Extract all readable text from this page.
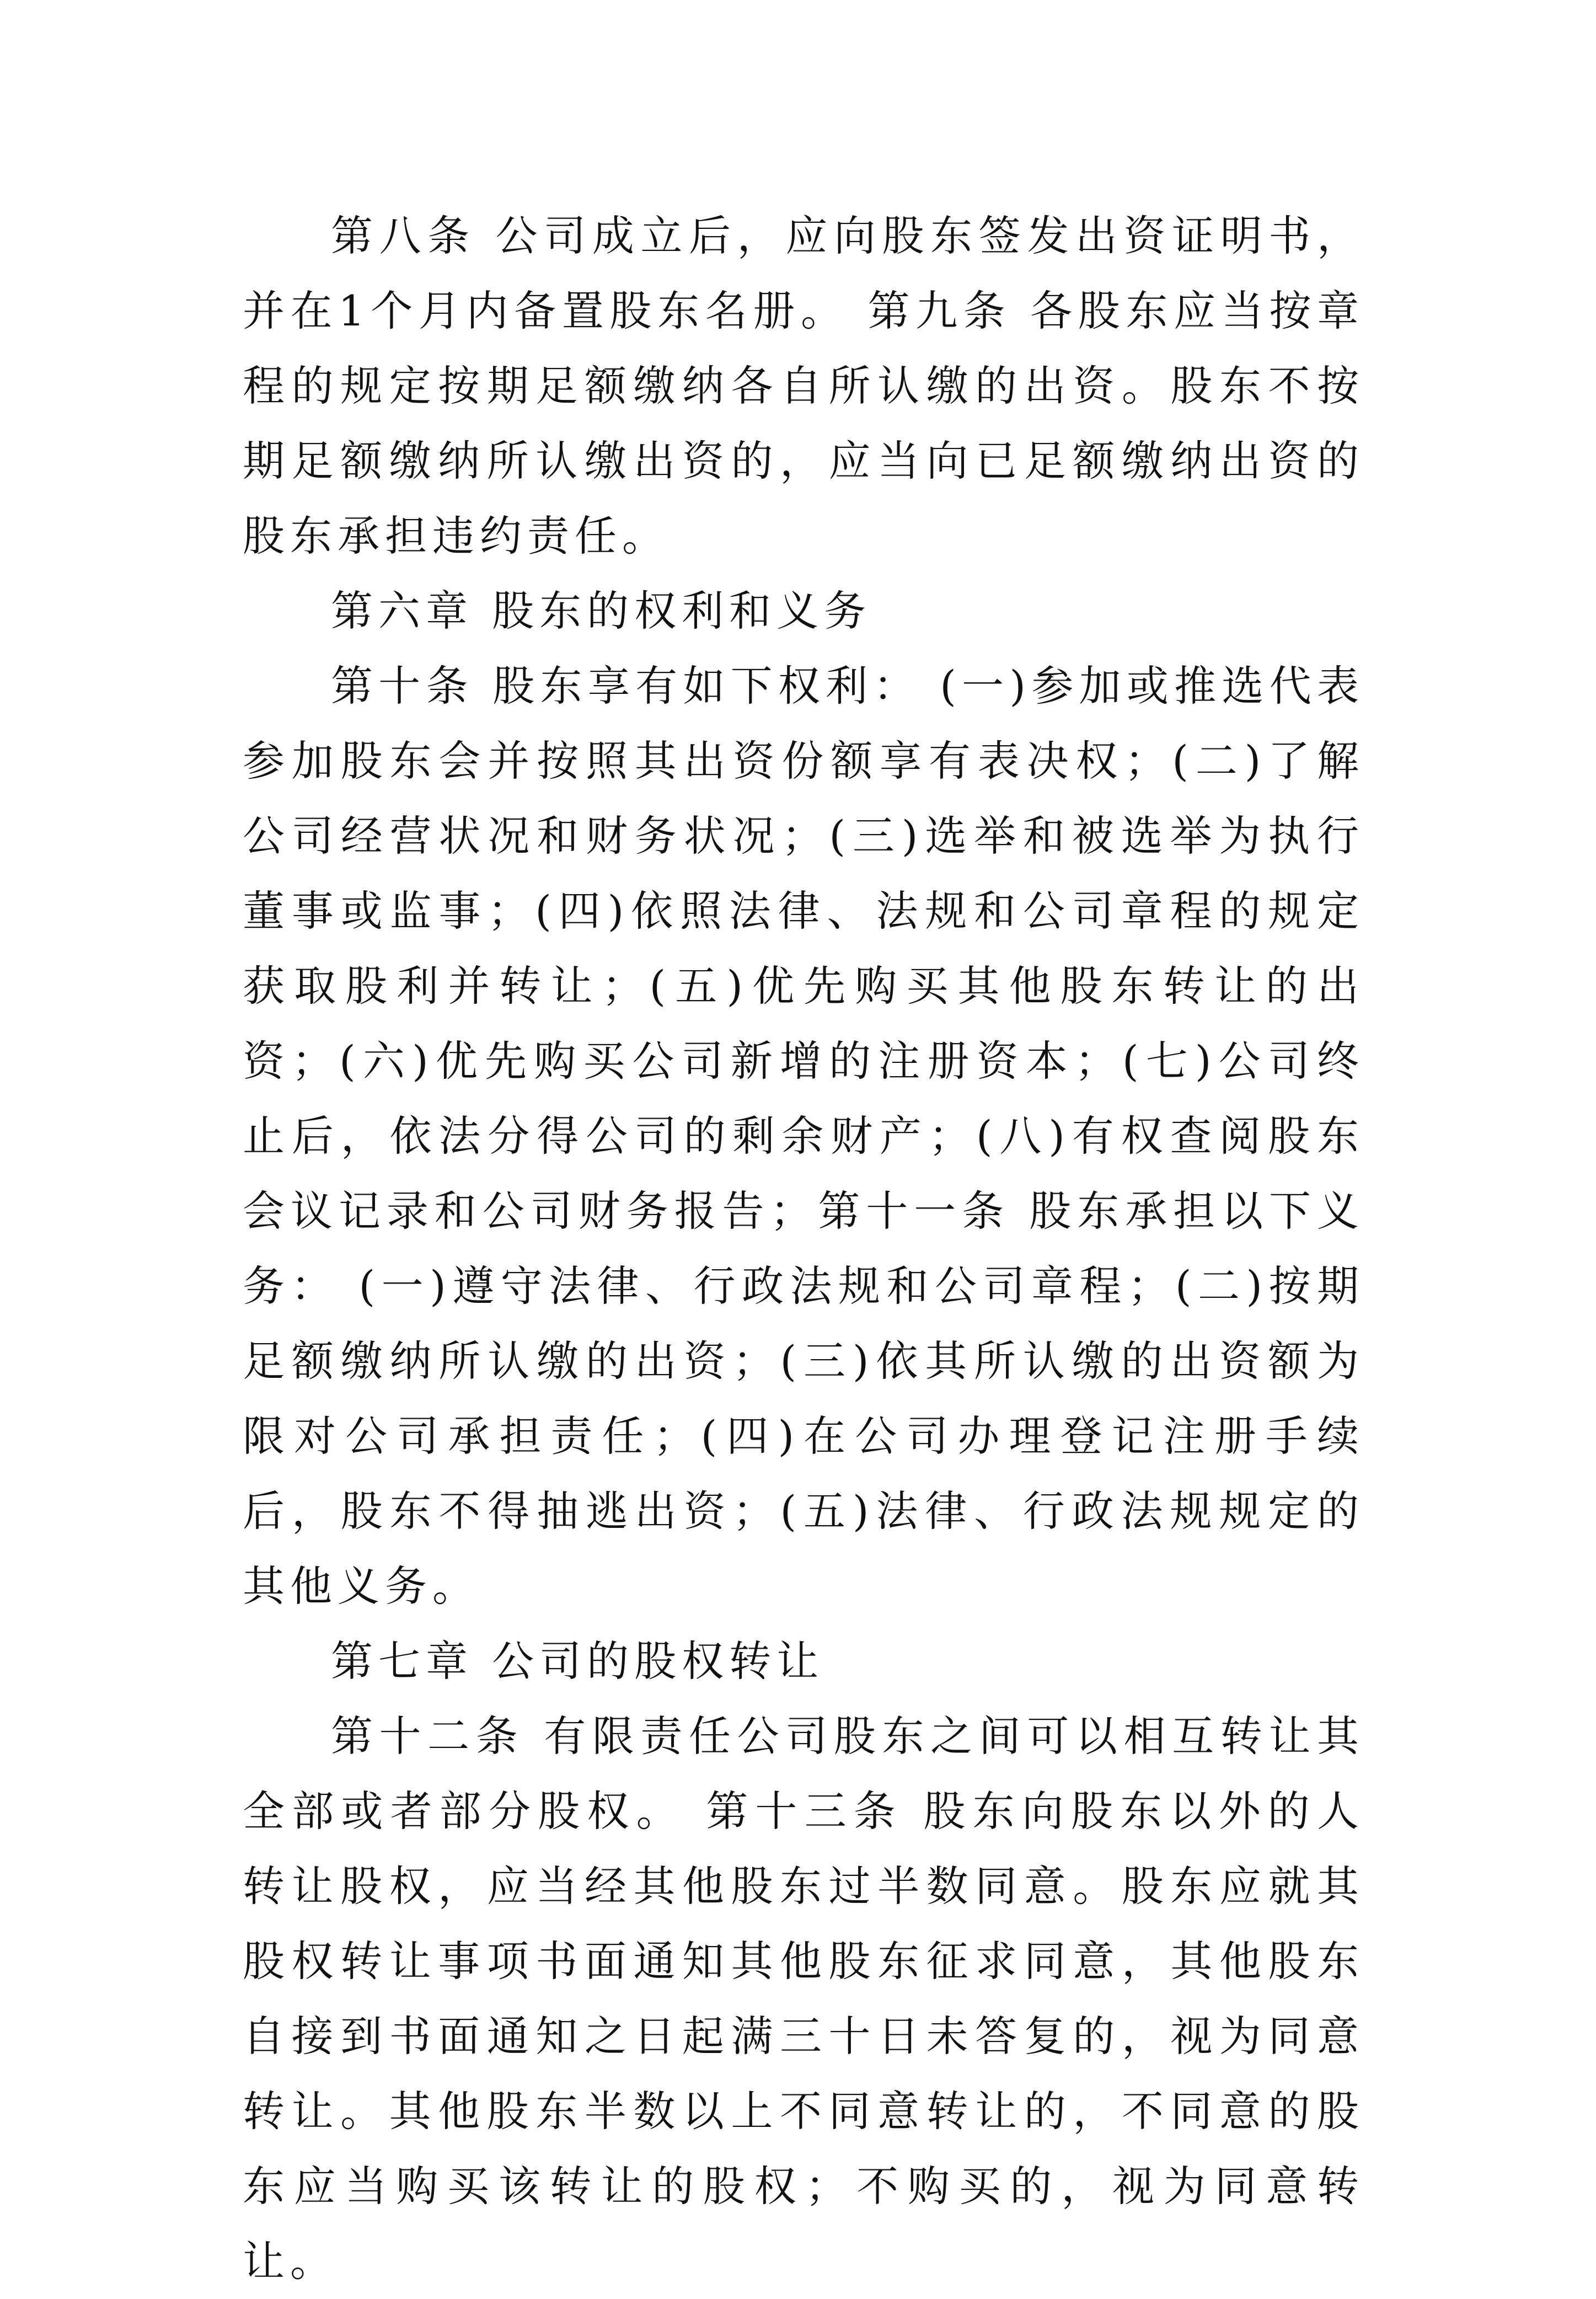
第八条 公司成立后，应向股东签发出资证明书，并在1个月内备置股东名册。 第九条 各股东应当按章程的规定按期足额缴纳各自所认缴的出资。股东不按期足额缴纳所认缴出资的，应当向已足额缴纳出资的股东承担违约责任。

第六章 股东的权利和义务

第十条 股东享有如下权利： (一)参加或推选代表参加股东会并按照其出资份额享有表决权；(二)了解公司经营状况和财务状况；(三)选举和被选举为执行董事或监事；(四)依照法律、法规和公司章程的规定获取股利并转让；(五)优先购买其他股东转让的出资；(六)优先购买公司新增的注册资本；(七)公司终止后，依法分得公司的剩余财产；(八)有权查阅股东会议记录和公司财务报告；第十一条 股东承担以下义务： (一)遵守法律、行政法规和公司章程；(二)按期足额缴纳所认缴的出资；(三)依其所认缴的出资额为限对公司承担责任；(四)在公司办理登记注册手续后，股东不得抽逃出资；(五)法律、行政法规规定的其他义务。

第七章 公司的股权转让

第十二条 有限责任公司股东之间可以相互转让其全部或者部分股权。 第十三条 股东向股东以外的人转让股权，应当经其他股东过半数同意。股东应就其股权转让事项书面通知其他股东征求同意，其他股东自接到书面通知之日起满三十日未答复的，视为同意转让。其他股东半数以上不同意转让的，不同意的股东应当购买该转让的股权；不购买的，视为同意转让。
